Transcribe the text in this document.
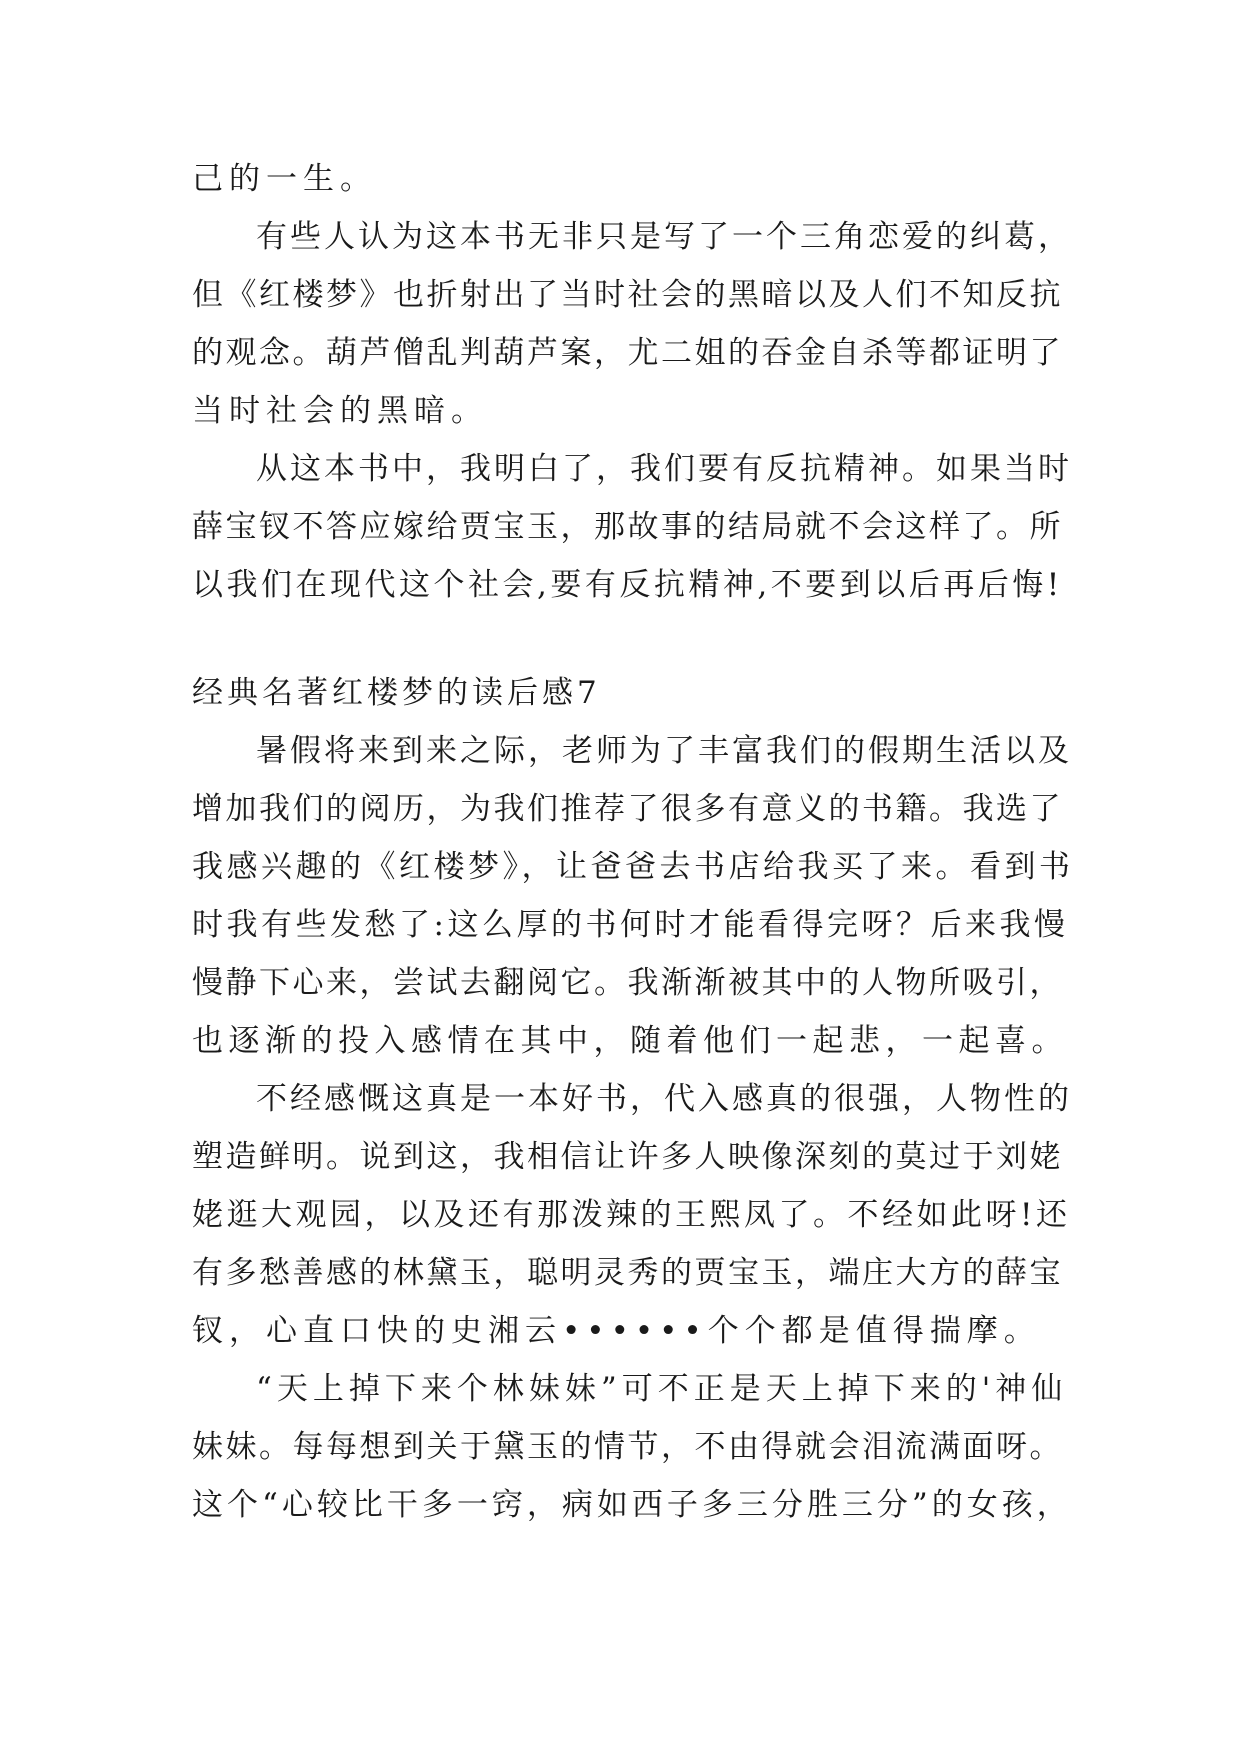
己的一生。
有些人认为这本书无非只是写了一个三角恋爱的纠葛，
但《红楼梦》也折射出了当时社会的黑暗以及人们不知反抗
的观念。葫芦僧乱判葫芦案，尤二姐的吞金自杀等都证明了
当时社会的黑暗。
从这本书中，我明白了，我们要有反抗精神。如果当时
薛宝钗不答应嫁给贾宝玉，那故事的结局就不会这样了。所
以我们在现代这个社会,要有反抗精神,不要到以后再后悔!
经典名著红楼梦的读后感7
暑假将来到来之际，老师为了丰富我们的假期生活以及
增加我们的阅历，为我们推荐了很多有意义的书籍。我选了
我感兴趣的《红楼梦》，让爸爸去书店给我买了来。看到书
时我有些发愁了:这么厚的书何时才能看得完呀？后来我慢
慢静下心来，尝试去翻阅它。我渐渐被其中的人物所吸引，
也逐渐的投入感情在其中，随着他们一起悲，一起喜。
不经感慨这真是一本好书，代入感真的很强，人物性的
塑造鲜明。说到这，我相信让许多人映像深刻的莫过于刘姥
姥逛大观园，以及还有那泼辣的王熙凤了。不经如此呀!还
有多愁善感的林黛玉，聪明灵秀的贾宝玉，端庄大方的薛宝
钗，心直口快的史湘云••••••个个都是值得揣摩。
“天上掉下来个林妹妹”可不正是天上掉下来的'神仙
妹妹。每每想到关于黛玉的情节，不由得就会泪流满面呀。
这个“心较比干多一窍，病如西子多三分胜三分”的女孩，
